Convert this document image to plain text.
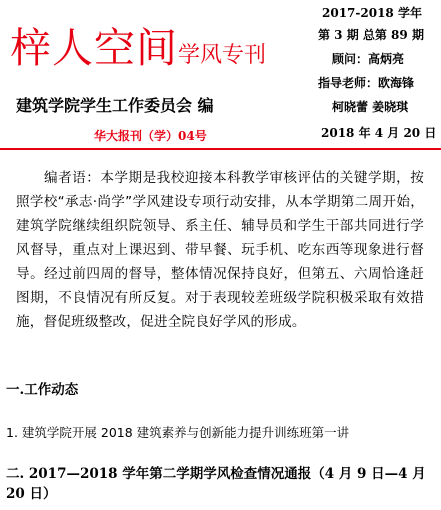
梓人空间学风专刊
建筑学院学生工作委员会 编
华大报刊（学）04号
2017-2018 学年
第 3 期 总第 89 期
顾问：高炳亮
指导老师：欧海锋
柯晓蕾 姜晓琪
2018 年 4 月 20 日

编者语：本学期是我校迎接本科教学审核评估的关键学期，按照学校“承志·尚学”学风建设专项行动安排，从本学期第二周开始，建筑学院继续组织院领导、系主任、辅导员和学生干部共同进行学风督导，重点对上课迟到、带早餐、玩手机、吃东西等现象进行督导。经过前四周的督导，整体情况保持良好，但第五、六周恰逢赶图期，不良情况有所反复。对于表现较差班级学院积极采取有效措施，督促班级整改，促进全院良好学风的形成。

一.工作动态
1. 建筑学院开展 2018 建筑素养与创新能力提升训练班第一讲

二. 2017—2018 学年第二学期学风检查情况通报（4 月 9 日—4 月 20 日）
